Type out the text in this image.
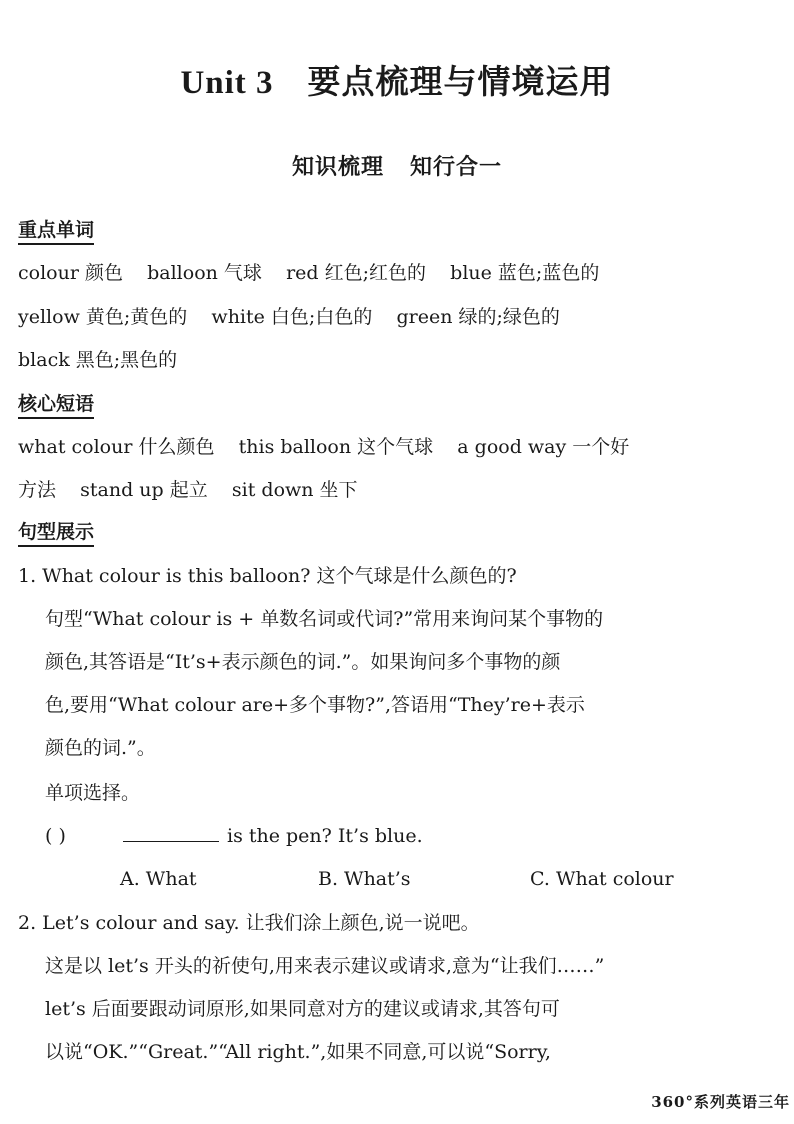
Unit 3 要点梳理与情境运用
知识梳理 知行合一
重点单词
colour 颜色    balloon 气球    red 红色;红色的    blue 蓝色;蓝色的
yellow 黄色;黄色的    white 白色;白色的    green 绿的;绿色的
black 黑色;黑色的
核心短语
what colour 什么颜色    this balloon 这个气球    a good way 一个好
方法    stand up 起立    sit down 坐下
句型展示
1. What colour is this balloon? 这个气球是什么颜色的?
句型“What colour is + 单数名词或代词?”常用来询问某个事物的
颜色,其答语是“It’s+表示颜色的词.”。如果询问多个事物的颜
色,要用“What colour are+多个事物?”,答语用“They’re+表示
颜色的词.”。
单项选择。
( )	is the pen? It’s blue.
A. What	B. What’s	C. What colour
2. Let’s colour and say. 让我们涂上颜色,说一说吧。
这是以 let’s 开头的祈使句,用来表示建议或请求,意为“让我们……”
let’s 后面要跟动词原形,如果同意对方的建议或请求,其答句可
以说“OK.”“Great.”“All right.”,如果不同意,可以说“Sorry,
360°系列英语三年
